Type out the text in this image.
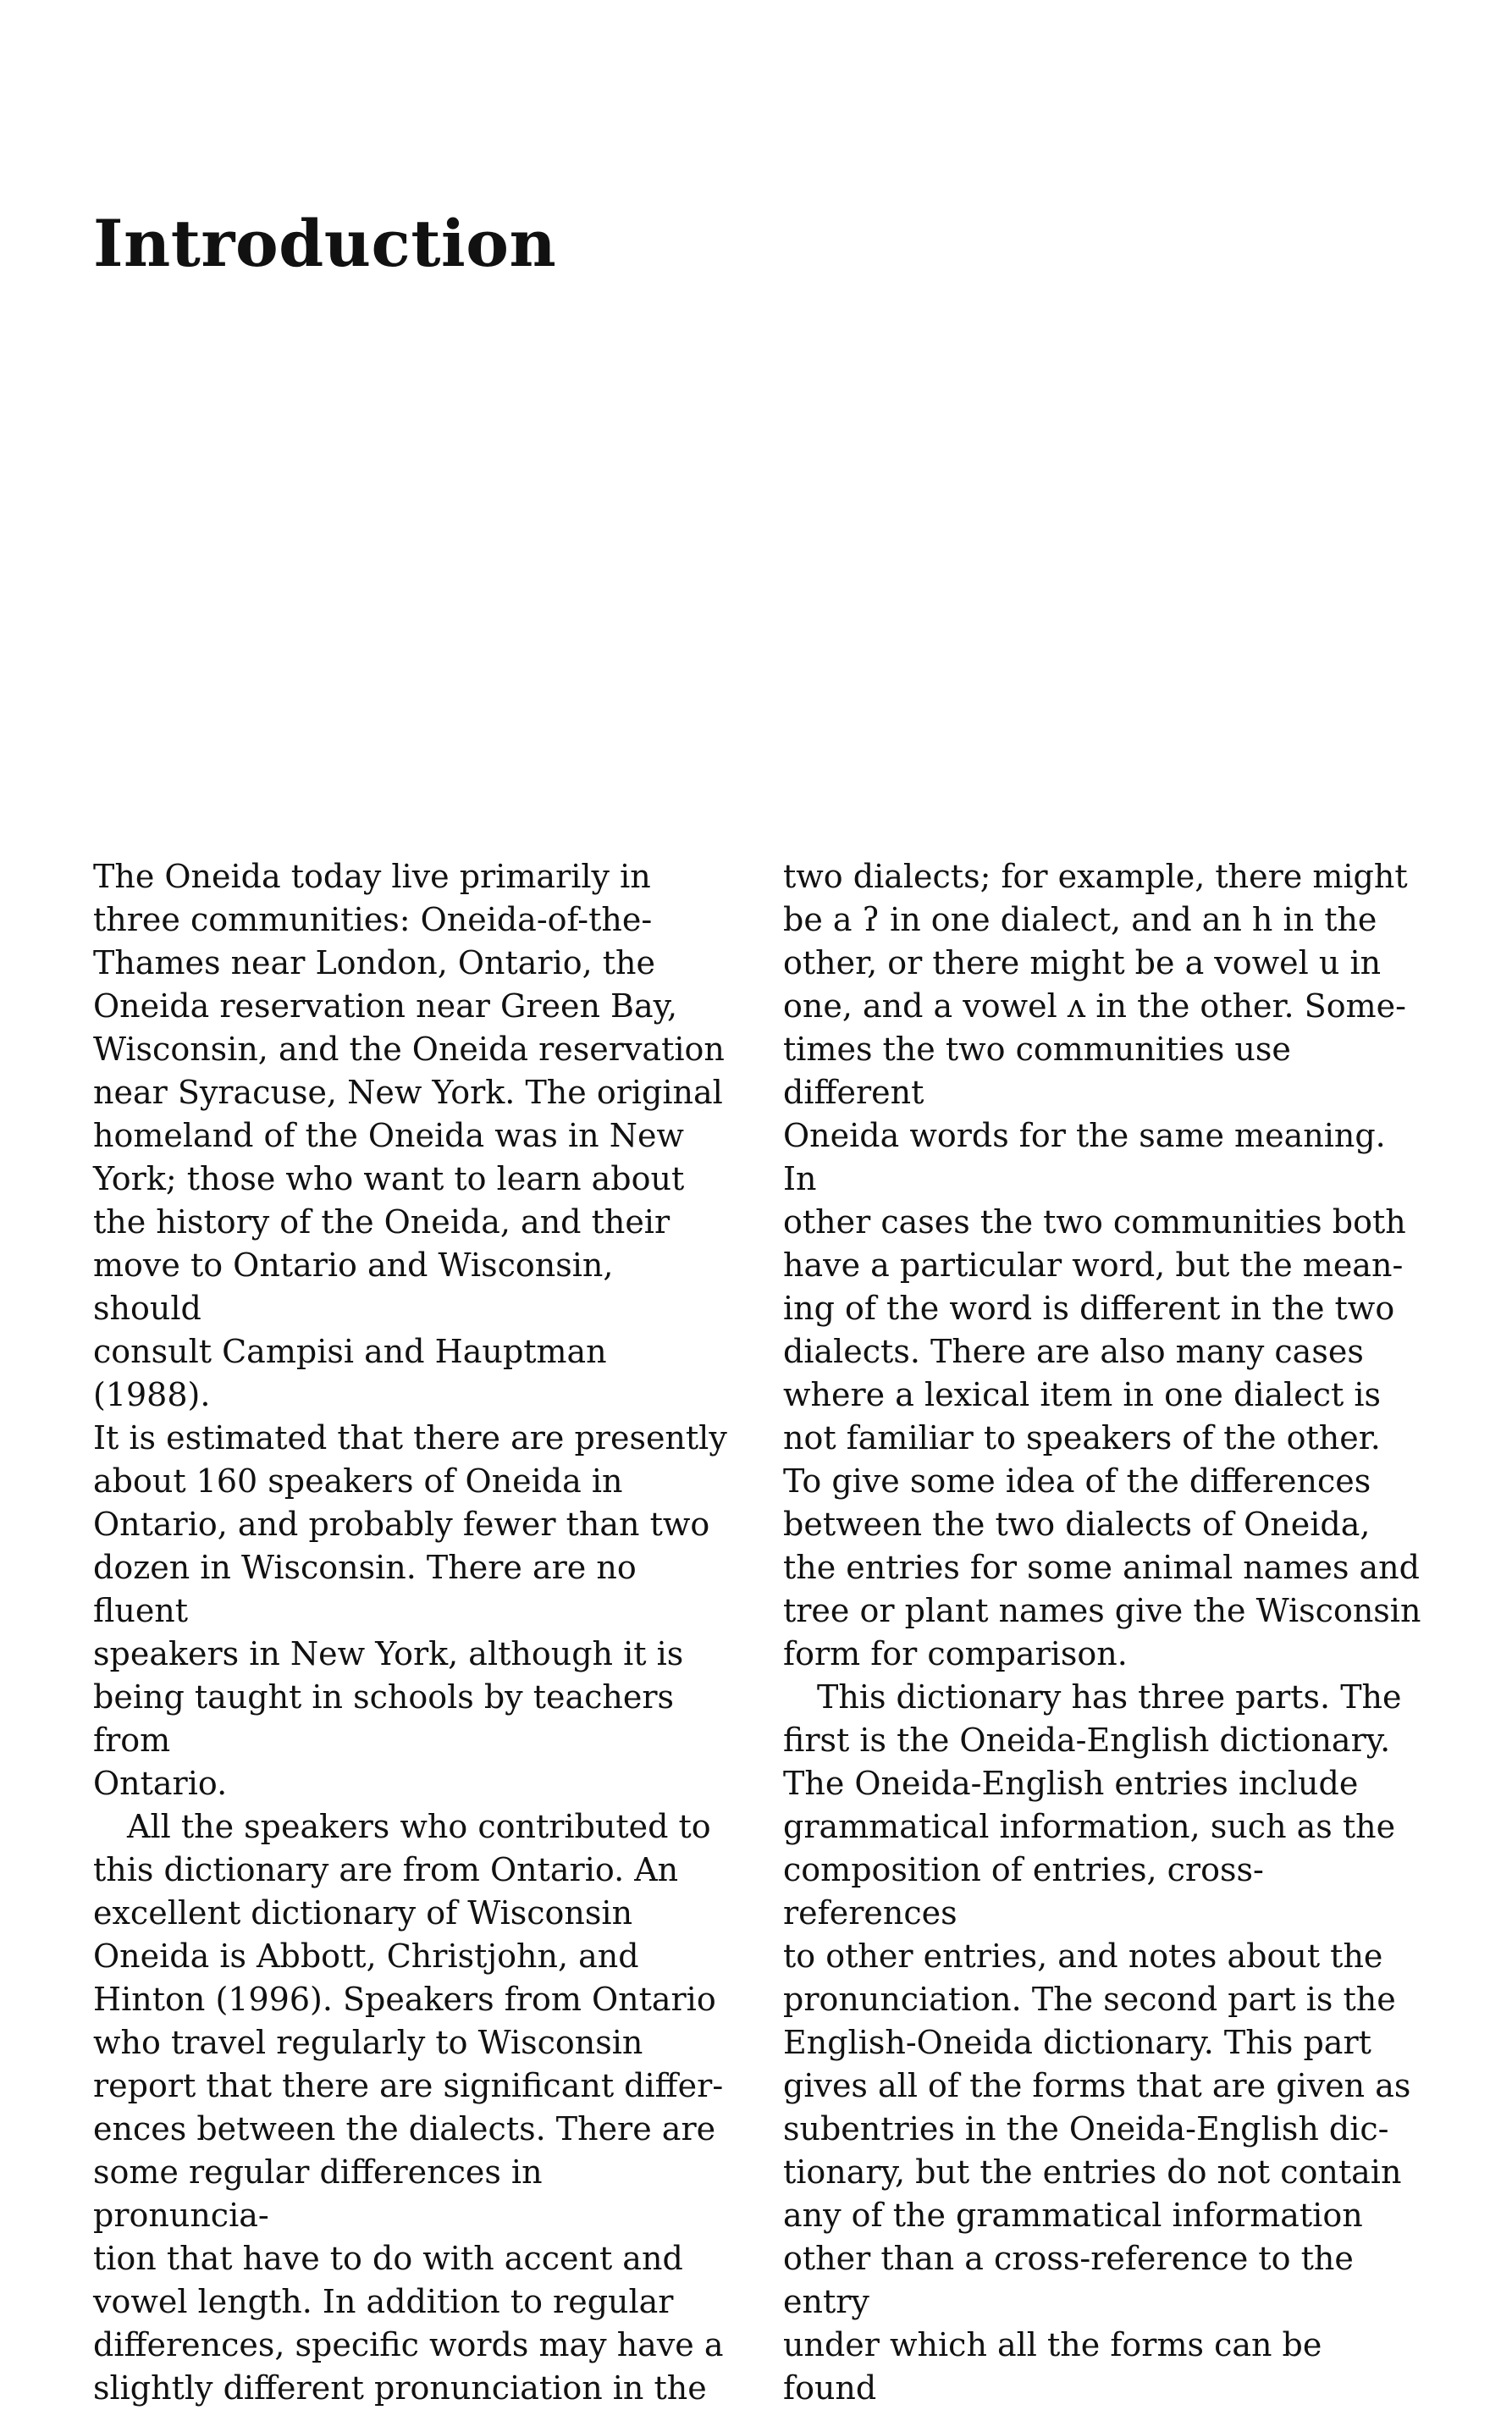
Introduction

The Oneida today live primarily in
three communities: Oneida-of-the-
Thames near London, Ontario, the
Oneida reservation near Green Bay,
Wisconsin, and the Oneida reservation
near Syracuse, New York. The original
homeland of the Oneida was in New
York; those who want to learn about
the history of the Oneida, and their
move to Ontario and Wisconsin, should
consult Campisi and Hauptman (1988).
It is estimated that there are presently
about 160 speakers of Oneida in
Ontario, and probably fewer than two
dozen in Wisconsin. There are no fluent
speakers in New York, although it is
being taught in schools by teachers from
Ontario.

All the speakers who contributed to
this dictionary are from Ontario. An
excellent dictionary of Wisconsin
Oneida is Abbott, Christjohn, and
Hinton (1996). Speakers from Ontario
who travel regularly to Wisconsin
report that there are significant differ-
ences between the dialects. There are
some regular differences in pronuncia-
tion that have to do with accent and
vowel length. In addition to regular
differences, specific words may have a
slightly different pronunciation in the

two dialects; for example, there might
be a ʔ in one dialect, and an h in the
other, or there might be a vowel u in
one, and a vowel ʌ in the other. Some-
times the two communities use different
Oneida words for the same meaning. In
other cases the two communities both
have a particular word, but the mean-
ing of the word is different in the two
dialects. There are also many cases
where a lexical item in one dialect is
not familiar to speakers of the other.
To give some idea of the differences
between the two dialects of Oneida,
the entries for some animal names and
tree or plant names give the Wisconsin
form for comparison.

This dictionary has three parts. The
first is the Oneida-English dictionary.
The Oneida-English entries include
grammatical information, such as the
composition of entries, cross-references
to other entries, and notes about the
pronunciation. The second part is the
English-Oneida dictionary. This part
gives all of the forms that are given as
subentries in the Oneida-English dic-
tionary, but the entries do not contain
any of the grammatical information
other than a cross-reference to the entry
under which all the forms can be found
